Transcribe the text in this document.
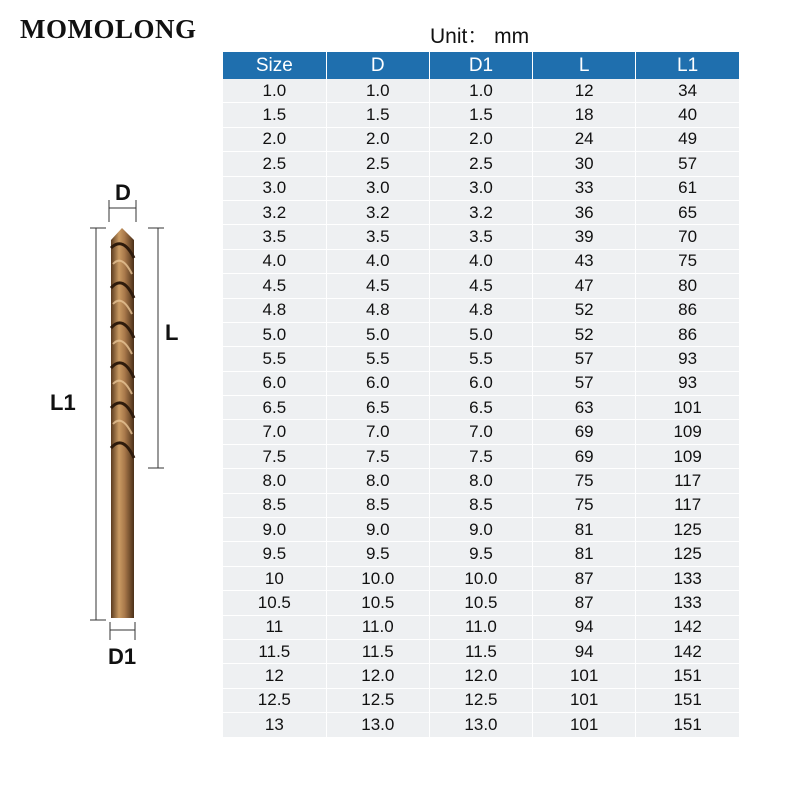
MOMOLONG	Unit： mm
D
L
L1
D1
Size	D	D1	L	L1
1.0	1.0	1.0	12	34
1.5	1.5	1.5	18	40
2.0	2.0	2.0	24	49
2.5	2.5	2.5	30	57
3.0	3.0	3.0	33	61
3.2	3.2	3.2	36	65
3.5	3.5	3.5	39	70
4.0	4.0	4.0	43	75
4.5	4.5	4.5	47	80
4.8	4.8	4.8	52	86
5.0	5.0	5.0	52	86
5.5	5.5	5.5	57	93
6.0	6.0	6.0	57	93
6.5	6.5	6.5	63	101
7.0	7.0	7.0	69	109
7.5	7.5	7.5	69	109
8.0	8.0	8.0	75	117
8.5	8.5	8.5	75	117
9.0	9.0	9.0	81	125
9.5	9.5	9.5	81	125
10	10.0	10.0	87	133
10.5	10.5	10.5	87	133
11	11.0	11.0	94	142
11.5	11.5	11.5	94	142
12	12.0	12.0	101	151
12.5	12.5	12.5	101	151
13	13.0	13.0	101	151
